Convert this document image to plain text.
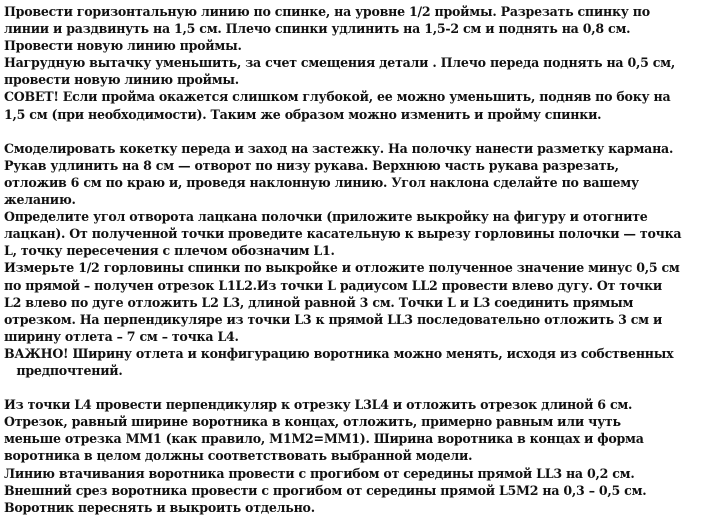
Провести горизонтальную линию по спинке, на уровне 1/2 проймы. Разрезать спинку по
линии и раздвинуть на 1,5 см. Плечо спинки удлинить на 1,5-2 см и поднять на 0,8 см.
Провести новую линию проймы.
Нагрудную вытачку уменьшить, за счет смещения детали . Плечо переда поднять на 0,5 см,
провести новую линию проймы.
СОВЕТ! Если пройма окажется слишком глубокой, ее можно уменьшить, подняв по боку на
1,5 см (при необходимости). Таким же образом можно изменить и пройму спинки.
Смоделировать кокетку переда и заход на застежку. На полочку нанести разметку кармана.
Рукав удлинить на 8 см — отворот по низу рукава. Верхнюю часть рукава разрезать,
отложив 6 см по краю и, проведя наклонную линию. Угол наклона сделайте по вашему
желанию.
Определите угол отворота лацкана полочки (приложите выкройку на фигуру и отогните
лацкан). От полученной точки проведите касательную к вырезу горловины полочки — точка
L, точку пересечения с плечом обозначим L1.
Измерьте 1/2 горловины спинки по выкройке и отложите полученное значение минус 0,5 см
по прямой – получен отрезок L1L2.Из точки L радиусом LL2 провести влево дугу. От точки
L2 влево по дуге отложить L2 L3, длиной равной 3 см. Точки L и L3 соединить прямым
отрезком. На перпендикуляре из точки L3 к прямой LL3 последовательно отложить 3 см и
ширину отлета – 7 см – точка L4.
ВАЖНО! Ширину отлета и конфигурацию воротника можно менять, исходя из собственных
предпочтений.
Из точки L4 провести перпендикуляр к отрезку L3L4 и отложить отрезок длиной 6 см.
Отрезок, равный ширине воротника в концах, отложить, примерно равным или чуть
меньше отрезка ММ1 (как правило, М1М2=ММ1). Ширина воротника в концах и форма
воротника в целом должны соответствовать выбранной модели.
Линию втачивания воротника провести с прогибом от середины прямой LL3 на 0,2 см.
Внешний срез воротника провести с прогибом от середины прямой L5M2 на 0,3 – 0,5 см.
Воротник переснять и выкроить отдельно.
